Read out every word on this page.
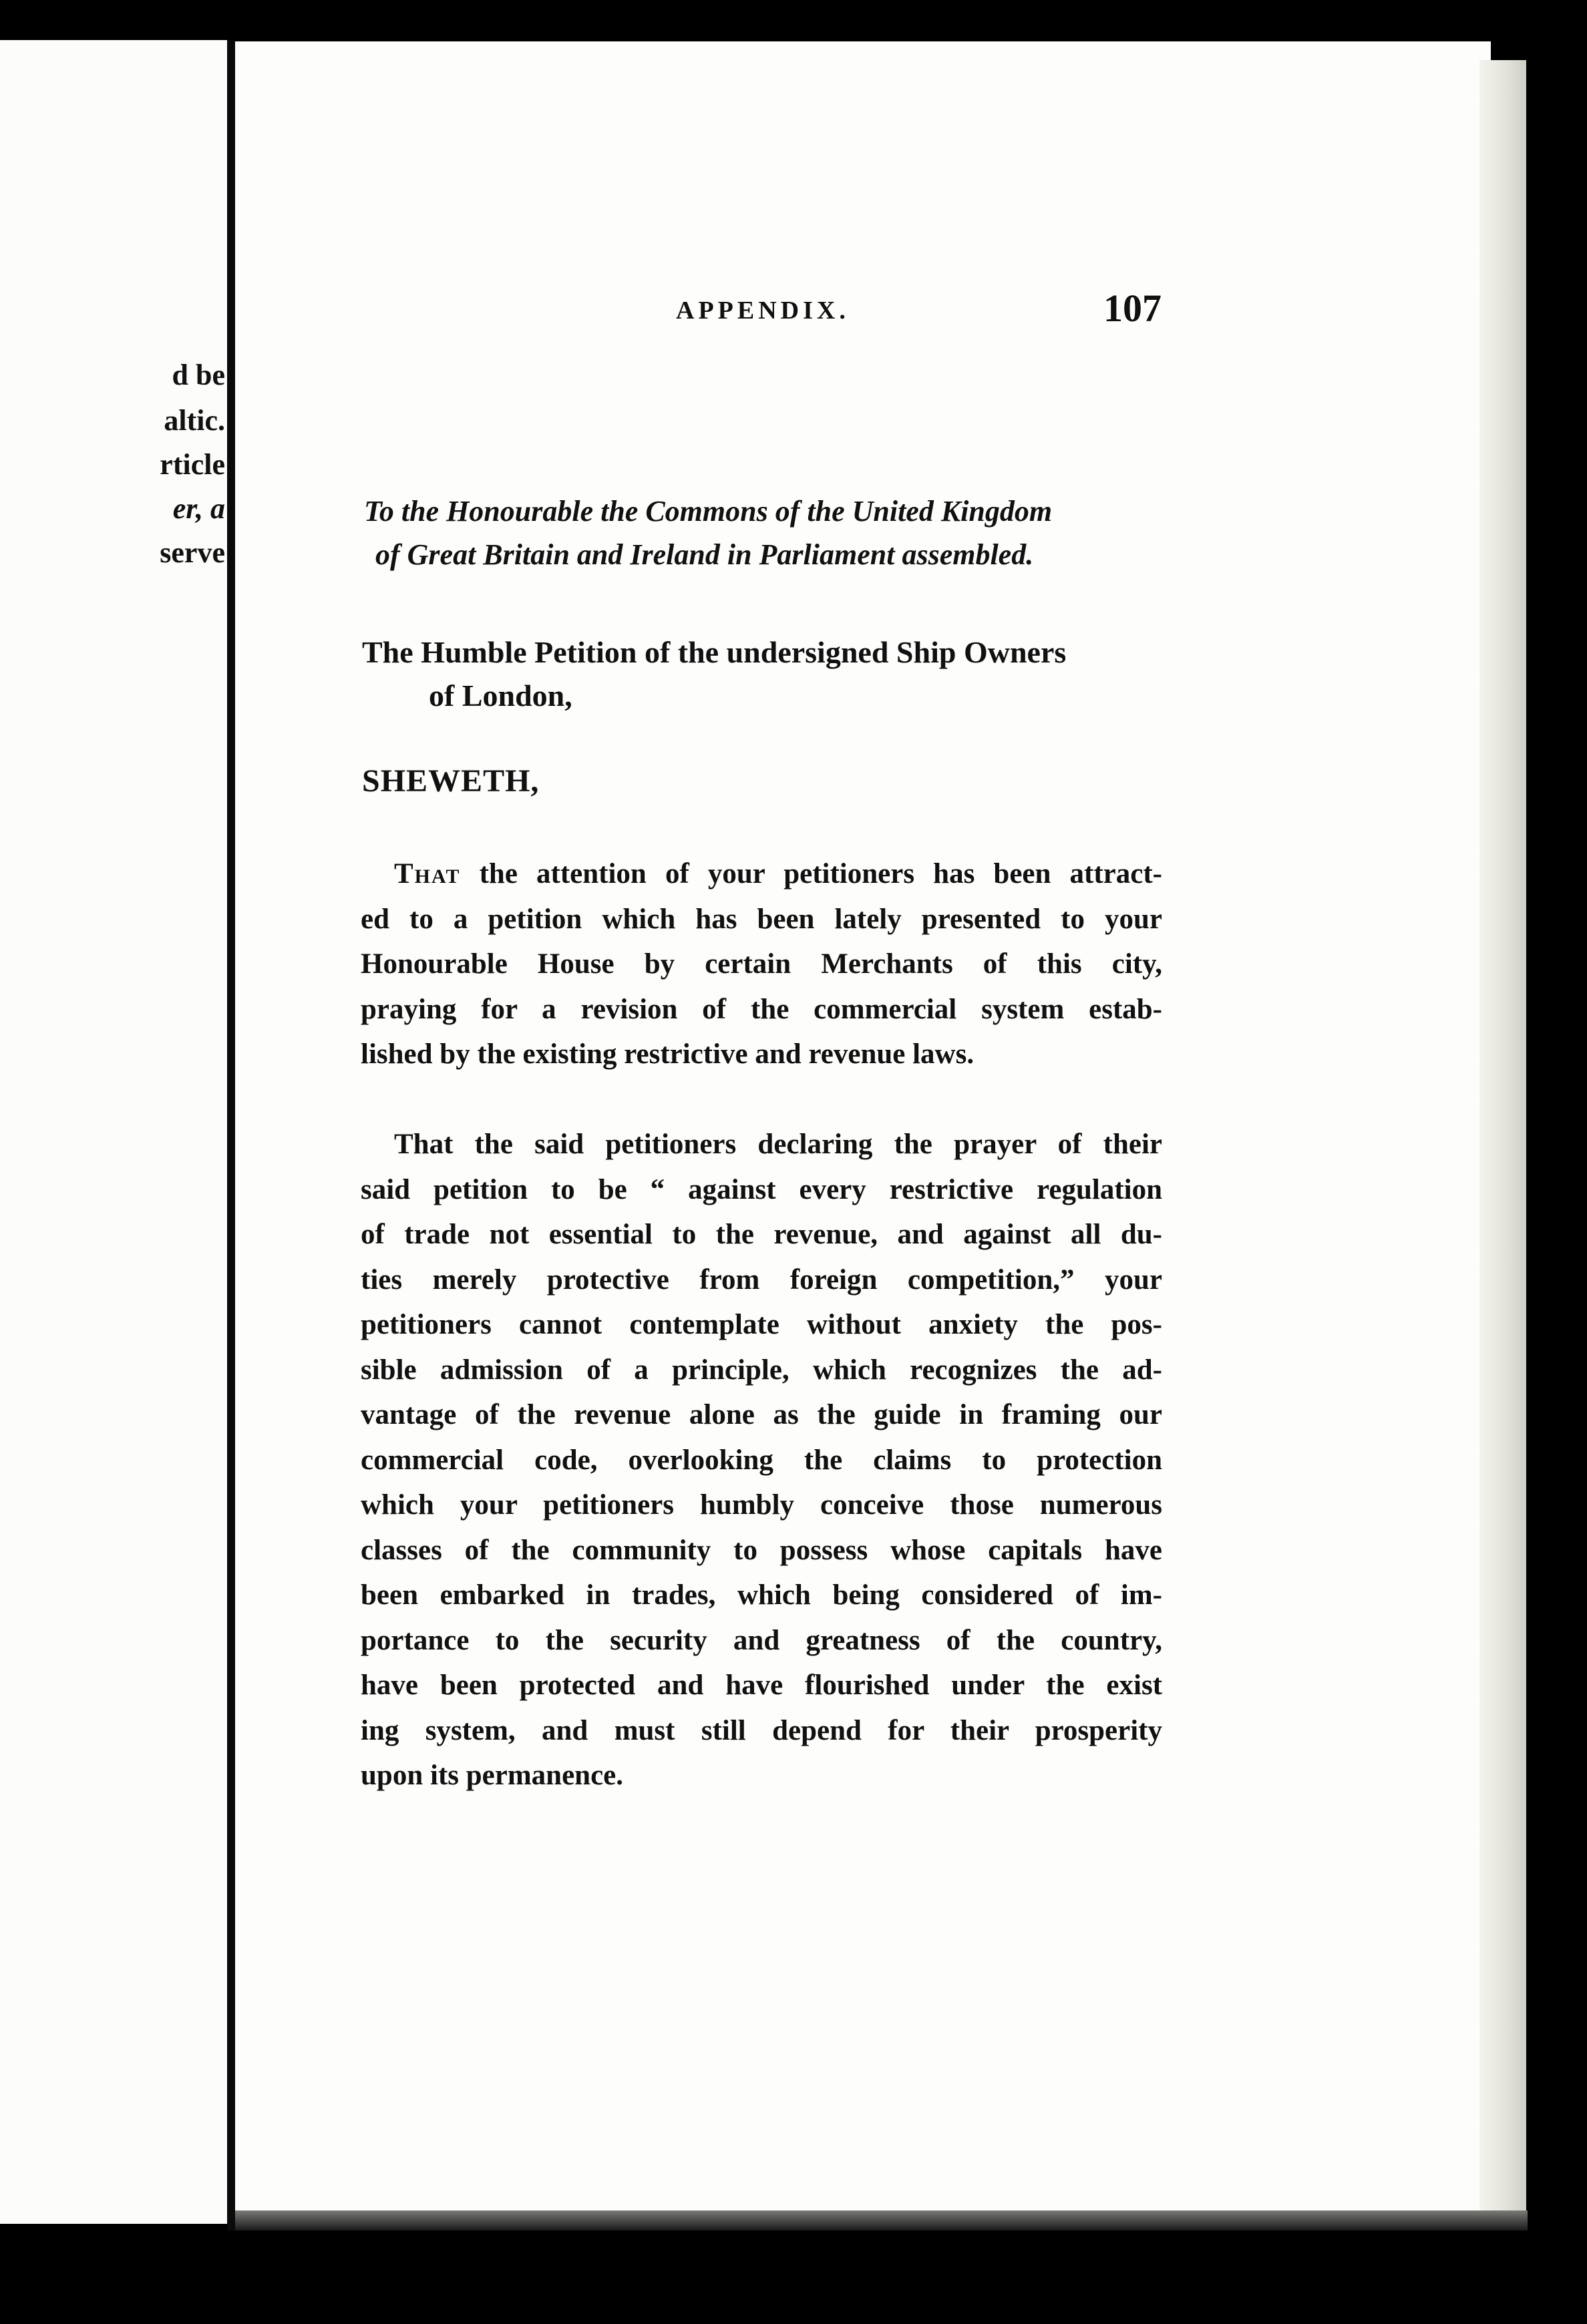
d be
altic.
rticle
er, a
serve
APPENDIX.	107
To the Honourable the Commons of the United Kingdom
of Great Britain and Ireland in Parliament assembled.
The Humble Petition of the undersigned Ship Owners
of London,
SHEWETH,
That the attention of your petitioners has been attract-
ed to a petition which has been lately presented to your
Honourable House by certain Merchants of this city,
praying for a revision of the commercial system estab-
lished by the existing restrictive and revenue laws.
That the said petitioners declaring the prayer of their
said petition to be “ against every restrictive regulation
of trade not essential to the revenue, and against all du-
ties merely protective from foreign competition,” your
petitioners cannot contemplate without anxiety the pos-
sible admission of a principle, which recognizes the ad-
vantage of the revenue alone as the guide in framing our
commercial code, overlooking the claims to protection
which your petitioners humbly conceive those numerous
classes of the community to possess whose capitals have
been embarked in trades, which being considered of im-
portance to the security and greatness of the country,
have been protected and have flourished under the exist
ing system, and must still depend for their prosperity
upon its permanence.
